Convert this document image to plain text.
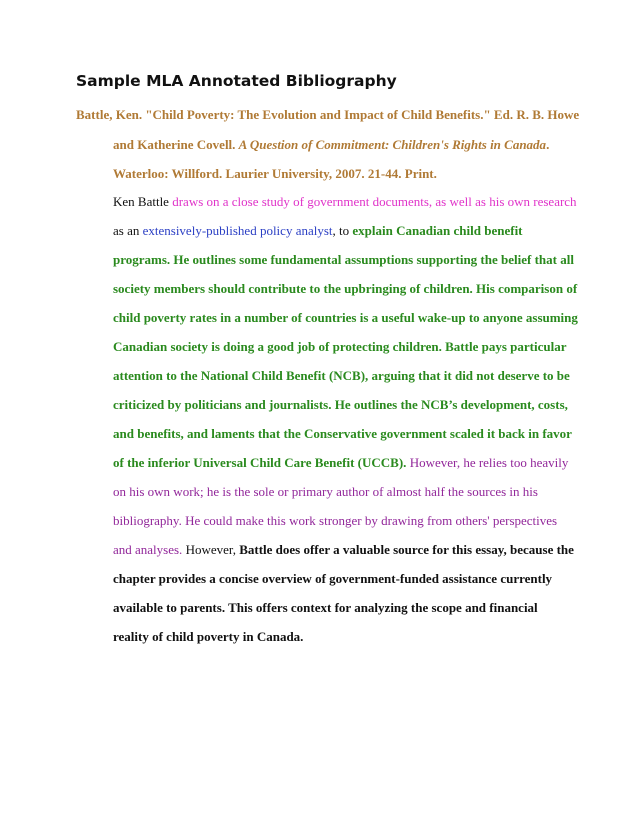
Sample MLA Annotated Bibliography
Battle, Ken. "Child Poverty: The Evolution and Impact of Child Benefits." Ed. R. B. Howe
and Katherine Covell. A Question of Commitment: Children's Rights in Canada.
Waterloo: Willford. Laurier University, 2007. 21-44. Print.
Ken Battle draws on a close study of government documents, as well as his own research
as an extensively-published policy analyst, to explain Canadian child benefit
programs. He outlines some fundamental assumptions supporting the belief that all
society members should contribute to the upbringing of children. His comparison of
child poverty rates in a number of countries is a useful wake-up to anyone assuming
Canadian society is doing a good job of protecting children. Battle pays particular
attention to the National Child Benefit (NCB), arguing that it did not deserve to be
criticized by politicians and journalists. He outlines the NCB’s development, costs,
and benefits, and laments that the Conservative government scaled it back in favor
of the inferior Universal Child Care Benefit (UCCB). However, he relies too heavily
on his own work; he is the sole or primary author of almost half the sources in his
bibliography. He could make this work stronger by drawing from others' perspectives
and analyses. However, Battle does offer a valuable source for this essay, because the
chapter provides a concise overview of government-funded assistance currently
available to parents. This offers context for analyzing the scope and financial
reality of child poverty in Canada.
